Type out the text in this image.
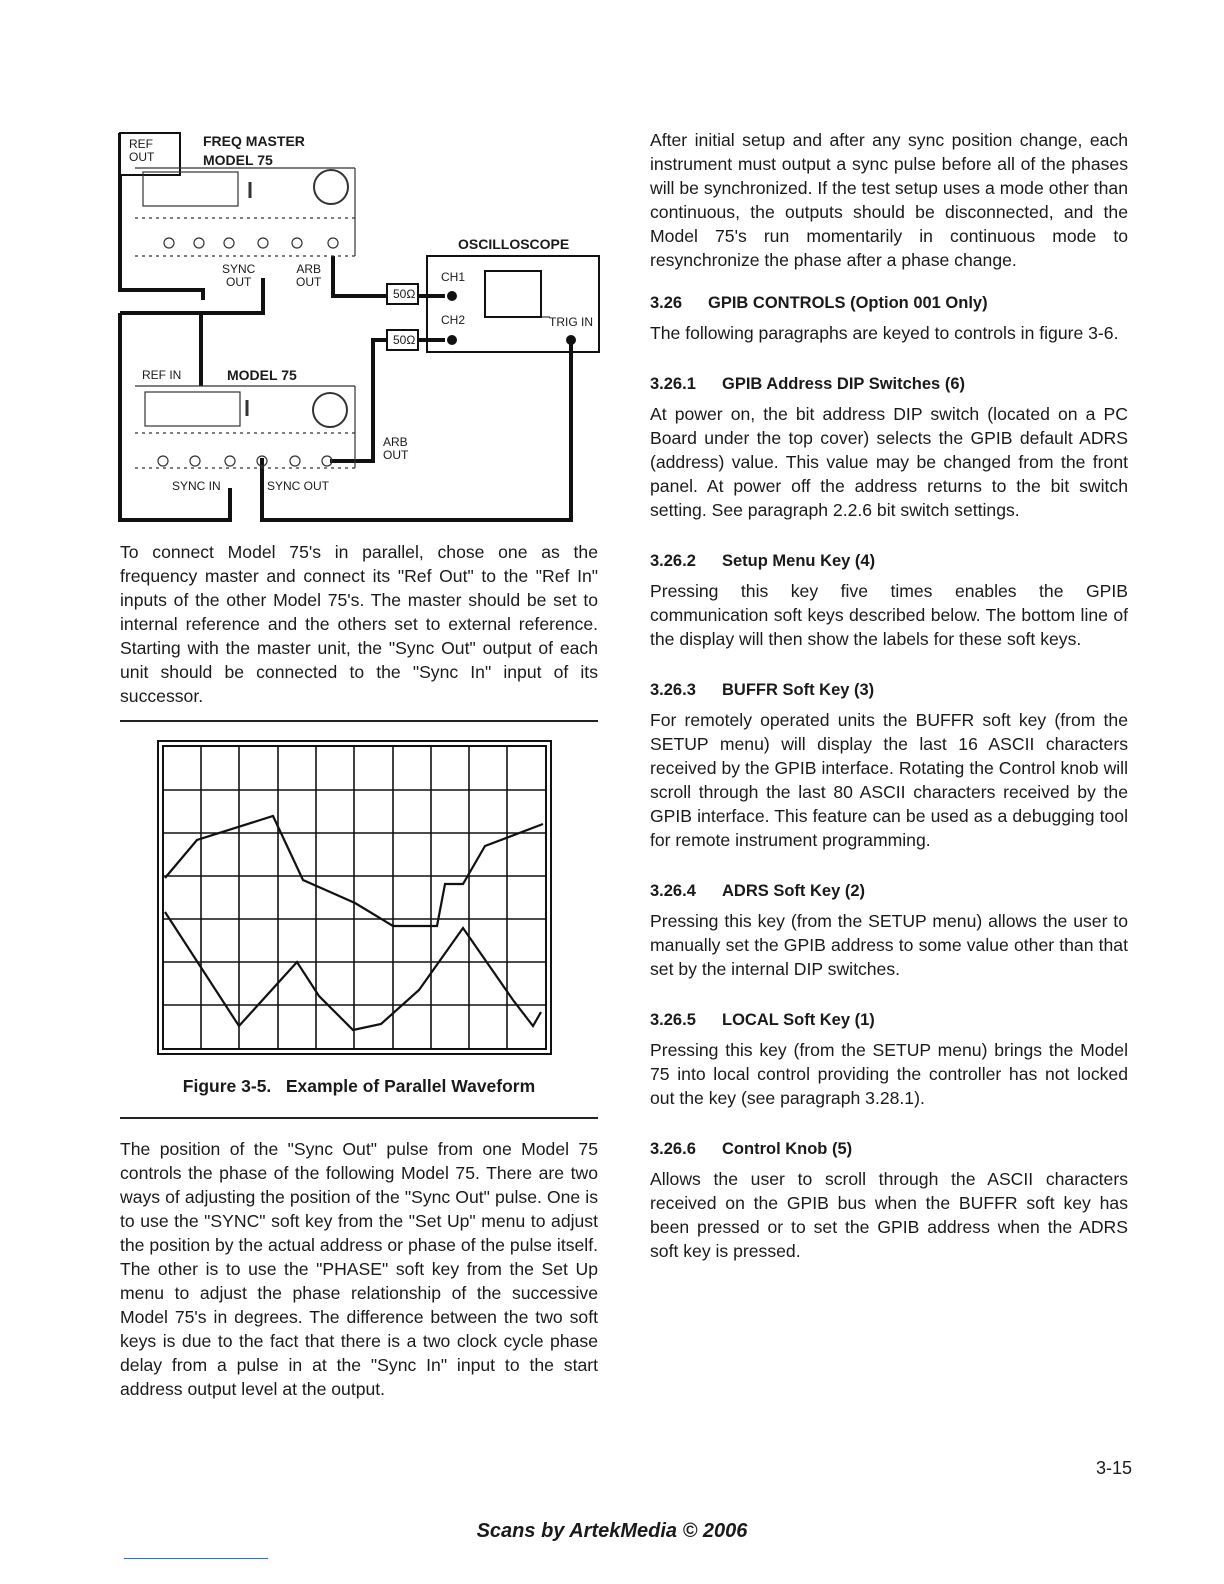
REF
OUT
FREQ MASTER
MODEL 75
SYNC
OUT
ARB
OUT
OSCILLOSCOPE
CH1
CH2	TRIG IN
50Ω
50Ω
REF IN	MODEL 75
ARB
OUT
SYNC IN	SYNC OUT

To connect Model 75's in parallel, chose one as the frequency master and connect its "Ref Out" to the "Ref In" inputs of the other Model 75's. The master should be set to internal reference and the others set to external reference. Starting with the master unit, the "Sync Out" output of each unit should be connected to the "Sync In" input of its successor.

Figure 3-5.   Example of Parallel Waveform

The position of the "Sync Out" pulse from one Model 75 controls the phase of the following Model 75. There are two ways of adjusting the position of the "Sync Out" pulse. One is to use the "SYNC" soft key from the "Set Up" menu to adjust the position by the actual address or phase of the pulse itself. The other is to use the "PHASE" soft key from the Set Up menu to adjust the phase relationship of the successive Model 75's in degrees. The difference between the two soft keys is due to the fact that there is a two clock cycle phase delay from a pulse in at the "Sync In" input to the start address output level at the output.

After initial setup and after any sync position change, each instrument must output a sync pulse before all of the phases will be synchronized. If the test setup uses a mode other than continuous, the outputs should be disconnected, and the Model 75's run momentarily in continuous mode to resynchronize the phase after a phase change.

3.26 GPIB CONTROLS (Option 001 Only)

The following paragraphs are keyed to controls in figure 3-6.

3.26.1 GPIB Address DIP Switches (6)

At power on, the bit address DIP switch (located on a PC Board under the top cover) selects the GPIB default ADRS (address) value. This value may be changed from the front panel. At power off the address returns to the bit switch setting. See paragraph 2.2.6 bit switch settings.

3.26.2 Setup Menu Key (4)

Pressing this key five times enables the GPIB communication soft keys described below. The bottom line of the display will then show the labels for these soft keys.

3.26.3 BUFFR Soft Key (3)

For remotely operated units the BUFFR soft key (from the SETUP menu) will display the last 16 ASCII characters received by the GPIB interface. Rotating the Control knob will scroll through the last 80 ASCII characters received by the GPIB interface. This feature can be used as a debugging tool for remote instrument programming.

3.26.4 ADRS Soft Key (2)

Pressing this key (from the SETUP menu) allows the user to manually set the GPIB address to some value other than that set by the internal DIP switches.

3.26.5 LOCAL Soft Key (1)

Pressing this key (from the SETUP menu) brings the Model 75 into local control providing the controller has not locked out the key (see paragraph 3.28.1).

3.26.6 Control Knob (5)

Allows the user to scroll through the ASCII characters received on the GPIB bus when the BUFFR soft key has been pressed or to set the GPIB address when the ADRS soft key is pressed.

3-15
Scans by ArtekMedia © 2006
